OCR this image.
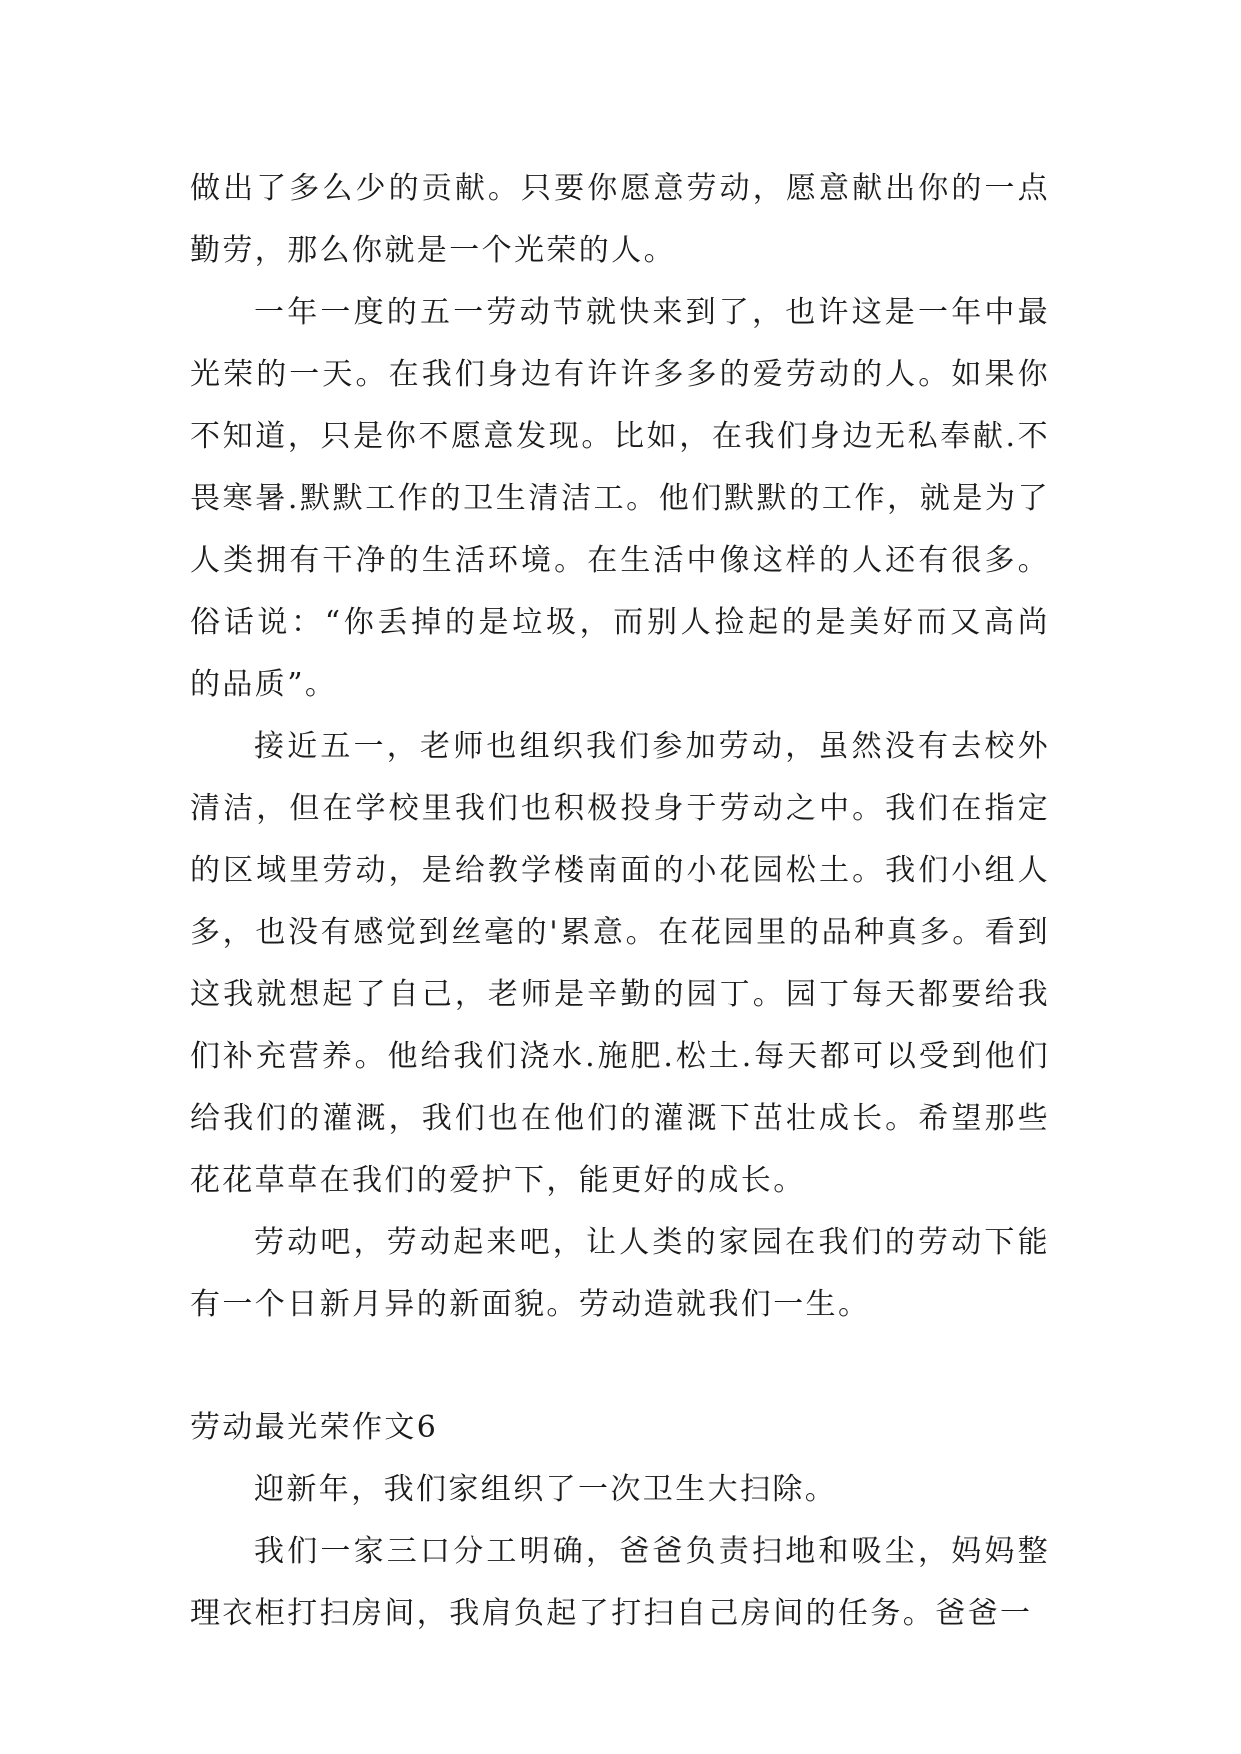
做出了多么少的贡献。只要你愿意劳动，愿意献出你的一点勤劳，那么你就是一个光荣的人。

一年一度的五一劳动节就快来到了，也许这是一年中最光荣的一天。在我们身边有许许多多的爱劳动的人。如果你不知道，只是你不愿意发现。比如，在我们身边无私奉献.不畏寒暑.默默工作的卫生清洁工。他们默默的工作，就是为了人类拥有干净的生活环境。在生活中像这样的人还有很多。俗话说：“你丢掉的是垃圾，而别人捡起的是美好而又高尚的品质”。

接近五一，老师也组织我们参加劳动，虽然没有去校外清洁，但在学校里我们也积极投身于劳动之中。我们在指定的区域里劳动，是给教学楼南面的小花园松土。我们小组人多，也没有感觉到丝毫的'累意。在花园里的品种真多。看到这我就想起了自己，老师是辛勤的园丁。园丁每天都要给我们补充营养。他给我们浇水.施肥.松土.每天都可以受到他们给我们的灌溉，我们也在他们的灌溉下茁壮成长。希望那些花花草草在我们的爱护下，能更好的成长。

劳动吧，劳动起来吧，让人类的家园在我们的劳动下能有一个日新月异的新面貌。劳动造就我们一生。

劳动最光荣作文6

迎新年，我们家组织了一次卫生大扫除。

我们一家三口分工明确，爸爸负责扫地和吸尘，妈妈整理衣柜打扫房间，我肩负起了打扫自己房间的任务。爸爸一
